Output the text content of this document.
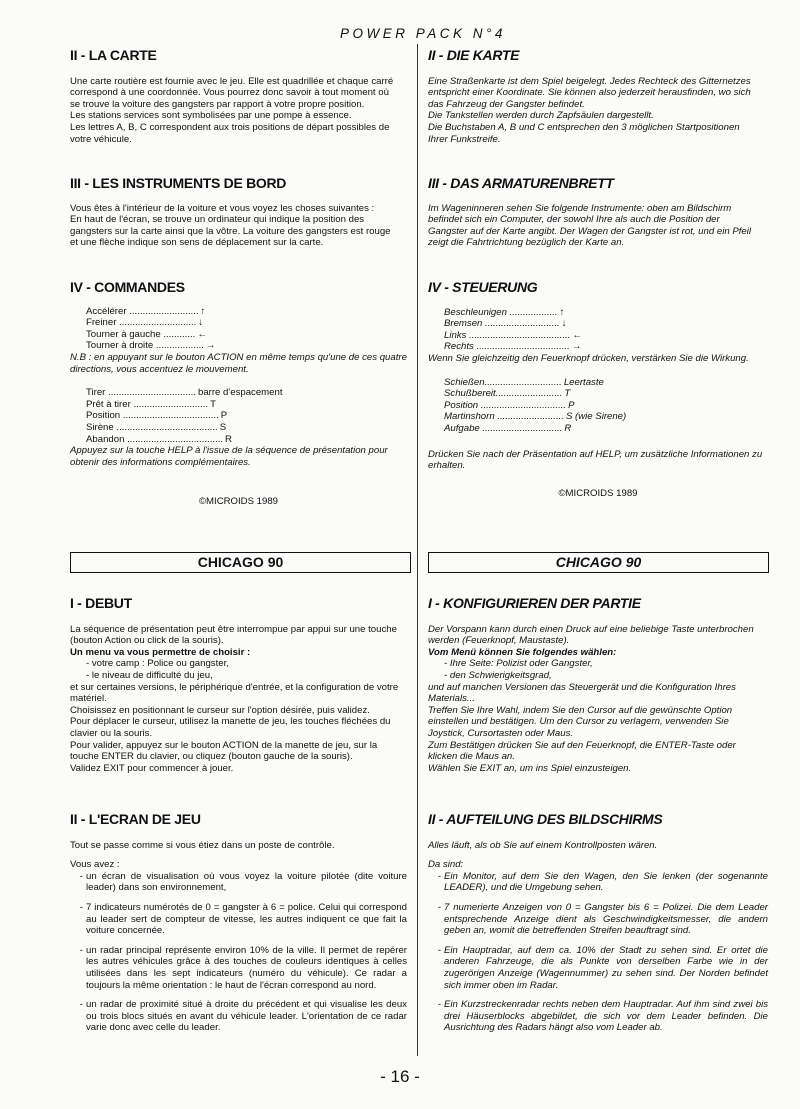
POWER PACK N°4

II - LA CARTE

Une carte routière est fournie avec le jeu. Elle est quadrillée et chaque carré

correspond à une coordonnée. Vous pourrez donc savoir à tout moment où

se trouve la voiture des gangsters par rapport à votre propre position.

Les stations services sont symbolisées par une pompe à essence.

Les lettres A, B, C correspondent aux trois positions de départ possibles de

votre véhicule.

III - LES INSTRUMENTS DE BORD

Vous êtes à l'intérieur de la voiture et vous voyez les choses suivantes :

En haut de l'écran, se trouve un ordinateur qui indique la position des

gangsters sur la carte ainsi que la vôtre. La voiture des gangsters est rouge

et une flèche indique son sens de déplacement sur la carte.

IV - COMMANDES

Accélérer .......................... ↑
Freiner ............................. ↓
Tourner à gauche ............ ←
Tourner à droite .................. →

N.B : en appuyant sur le bouton ACTION en même temps qu'une de ces quatre directions, vous accentuez le mouvement.

Tirer ................................. barre d'espacement
Prêt à tirer ............................ T
Position .................................... P
Sirène ...................................... S
Abandon .................................... R

Appuyez sur la touche HELP à l'issue de la séquence de présentation pour obtenir des informations complémentaires.

©MICROIDS 1989

CHICAGO 90

I - DEBUT

La séquence de présentation peut être interrompue par appui sur une touche

(bouton Action ou click de la souris).

Un menu va vous permettre de choisir :

- votre camp : Police ou gangster,

- le niveau de difficulté du jeu,

et sur certaines versions, le périphérique d'entrée, et la configuration de votre

matériel.

Choisissez en positionnant le curseur sur l'option désirée, puis validez.

Pour déplacer le curseur, utilisez la manette de jeu, les touches fléchées du

clavier ou la souris.

Pour valider, appuyez sur le bouton ACTION de la manette de jeu, sur la

touche ENTER du clavier, ou cliquez (bouton gauche de la souris).

Validez EXIT pour commencer à jouer.

II - L'ECRAN DE JEU

Tout se passe comme si vous étiez dans un poste de contrôle.

Vous avez :

- un écran de visualisation où vous voyez la voiture pilotée (dite voiture leader) dans son environnement,
- 7 indicateurs numérotés de 0 = gangster à 6 = police. Celui qui correspond au leader sert de compteur de vitesse, les autres indiquent ce que fait la voiture concernée.
- un radar principal représente environ 10% de la ville. Il permet de repérer les autres véhicules grâce à des touches de couleurs identiques à celles utilisées dans les sept indicateurs (numéro du véhicule). Ce radar a toujours la même orientation : le haut de l'écran correspond au nord.
- un radar de proximité situé à droite du précédent et qui visualise les deux ou trois blocs situés en avant du véhicule leader. L'orientation de ce radar varie donc avec celle du leader.

II - DIE KARTE

Eine Straßenkarte ist dem Spiel beigelegt. Jedes Rechteck des Gitternetzes

entspricht einer Koordinate. Sie können also jederzeit herausfinden, wo sich

das Fahrzeug der Gangster befindet.

Die Tankstellen werden durch Zapfsäulen dargestellt.

Die Buchstaben A, B und C entsprechen den 3 möglichen Startpositionen

Ihrer Funkstreife.

III - DAS ARMATURENBRETT

Im Wageninneren sehen Sie folgende Instrumente: oben am Bildschirm

befindet sich ein Computer, der sowohl Ihre als auch die Position der

Gangster auf der Karte angibt. Der Wagen der Gangster ist rot, und ein Pfeil

zeigt die Fahrtrichtung bezüglich der Karte an.

IV - STEUERUNG

Beschleunigen .................. ↑
Bremsen ............................ ↓
Links ...................................... ←
Rechts ................................... →

Wenn Sie gleichzeitig den Feuerknopf drücken, verstärken Sie die Wirkung.

Schießen............................. Leertaste
Schußbereit......................... T
Position ................................ P
Martinshorn ......................... S (wie Sirene)
Aufgabe .............................. R

Drücken Sie nach der Präsentation auf HELP, um zusätzliche Informationen zu erhalten.

©MICROIDS 1989

CHICAGO 90

I - KONFIGURIEREN DER PARTIE

Der Vorspann kann durch einen Druck auf eine beliebige Taste unterbrochen

werden (Feuerknopf, Maustaste).

Vom Menü können Sie folgendes wählen:

- Ihre Seite: Polizist oder Gangster,

- den Schwierigkeitsgrad,

und auf manchen Versionen das Steuergerät und die Konfiguration Ihres

Materials...

Treffen Sie Ihre Wahl, indem Sie den Cursor auf die gewünschte Option

einstellen und bestätigen. Um den Cursor zu verlagern, verwenden Sie

Joystick, Cursortasten oder Maus.

Zum Bestätigen drücken Sie auf den Feuerknopf, die ENTER-Taste oder

klicken die Maus an.

Wählen Sie EXIT an, um ins Spiel einzusteigen.

II - AUFTEILUNG DES BILDSCHIRMS

Alles läuft, als ob Sie auf einem Kontrollposten wären.

Da sind:

- Ein Monitor, auf dem Sie den Wagen, den Sie lenken (der sogenannte LEADER), und die Umgebung sehen.
- 7 numerierte Anzeigen von 0 = Gangster bis 6 = Polizei. Die dem Leader entsprechende Anzeige dient als Geschwindigkeitsmesser, die andern geben an, womit die betreffenden Streifen beauftragt sind.
- Ein Hauptradar, auf dem ca. 10% der Stadt zu sehen sind. Er ortet die anderen Fahrzeuge, die als Punkte von derselben Farbe wie in der zugerörigen Anzeige (Wagennummer) zu sehen sind. Der Norden befindet sich immer oben im Radar.
- Ein Kurzstreckenradar rechts neben dem Hauptradar. Auf ihm sind zwei bis drei Häuserblocks abgebildet, die sich vor dem Leader befinden. Die Ausrichtung des Radars hängt also vom Leader ab.
- 16 -
